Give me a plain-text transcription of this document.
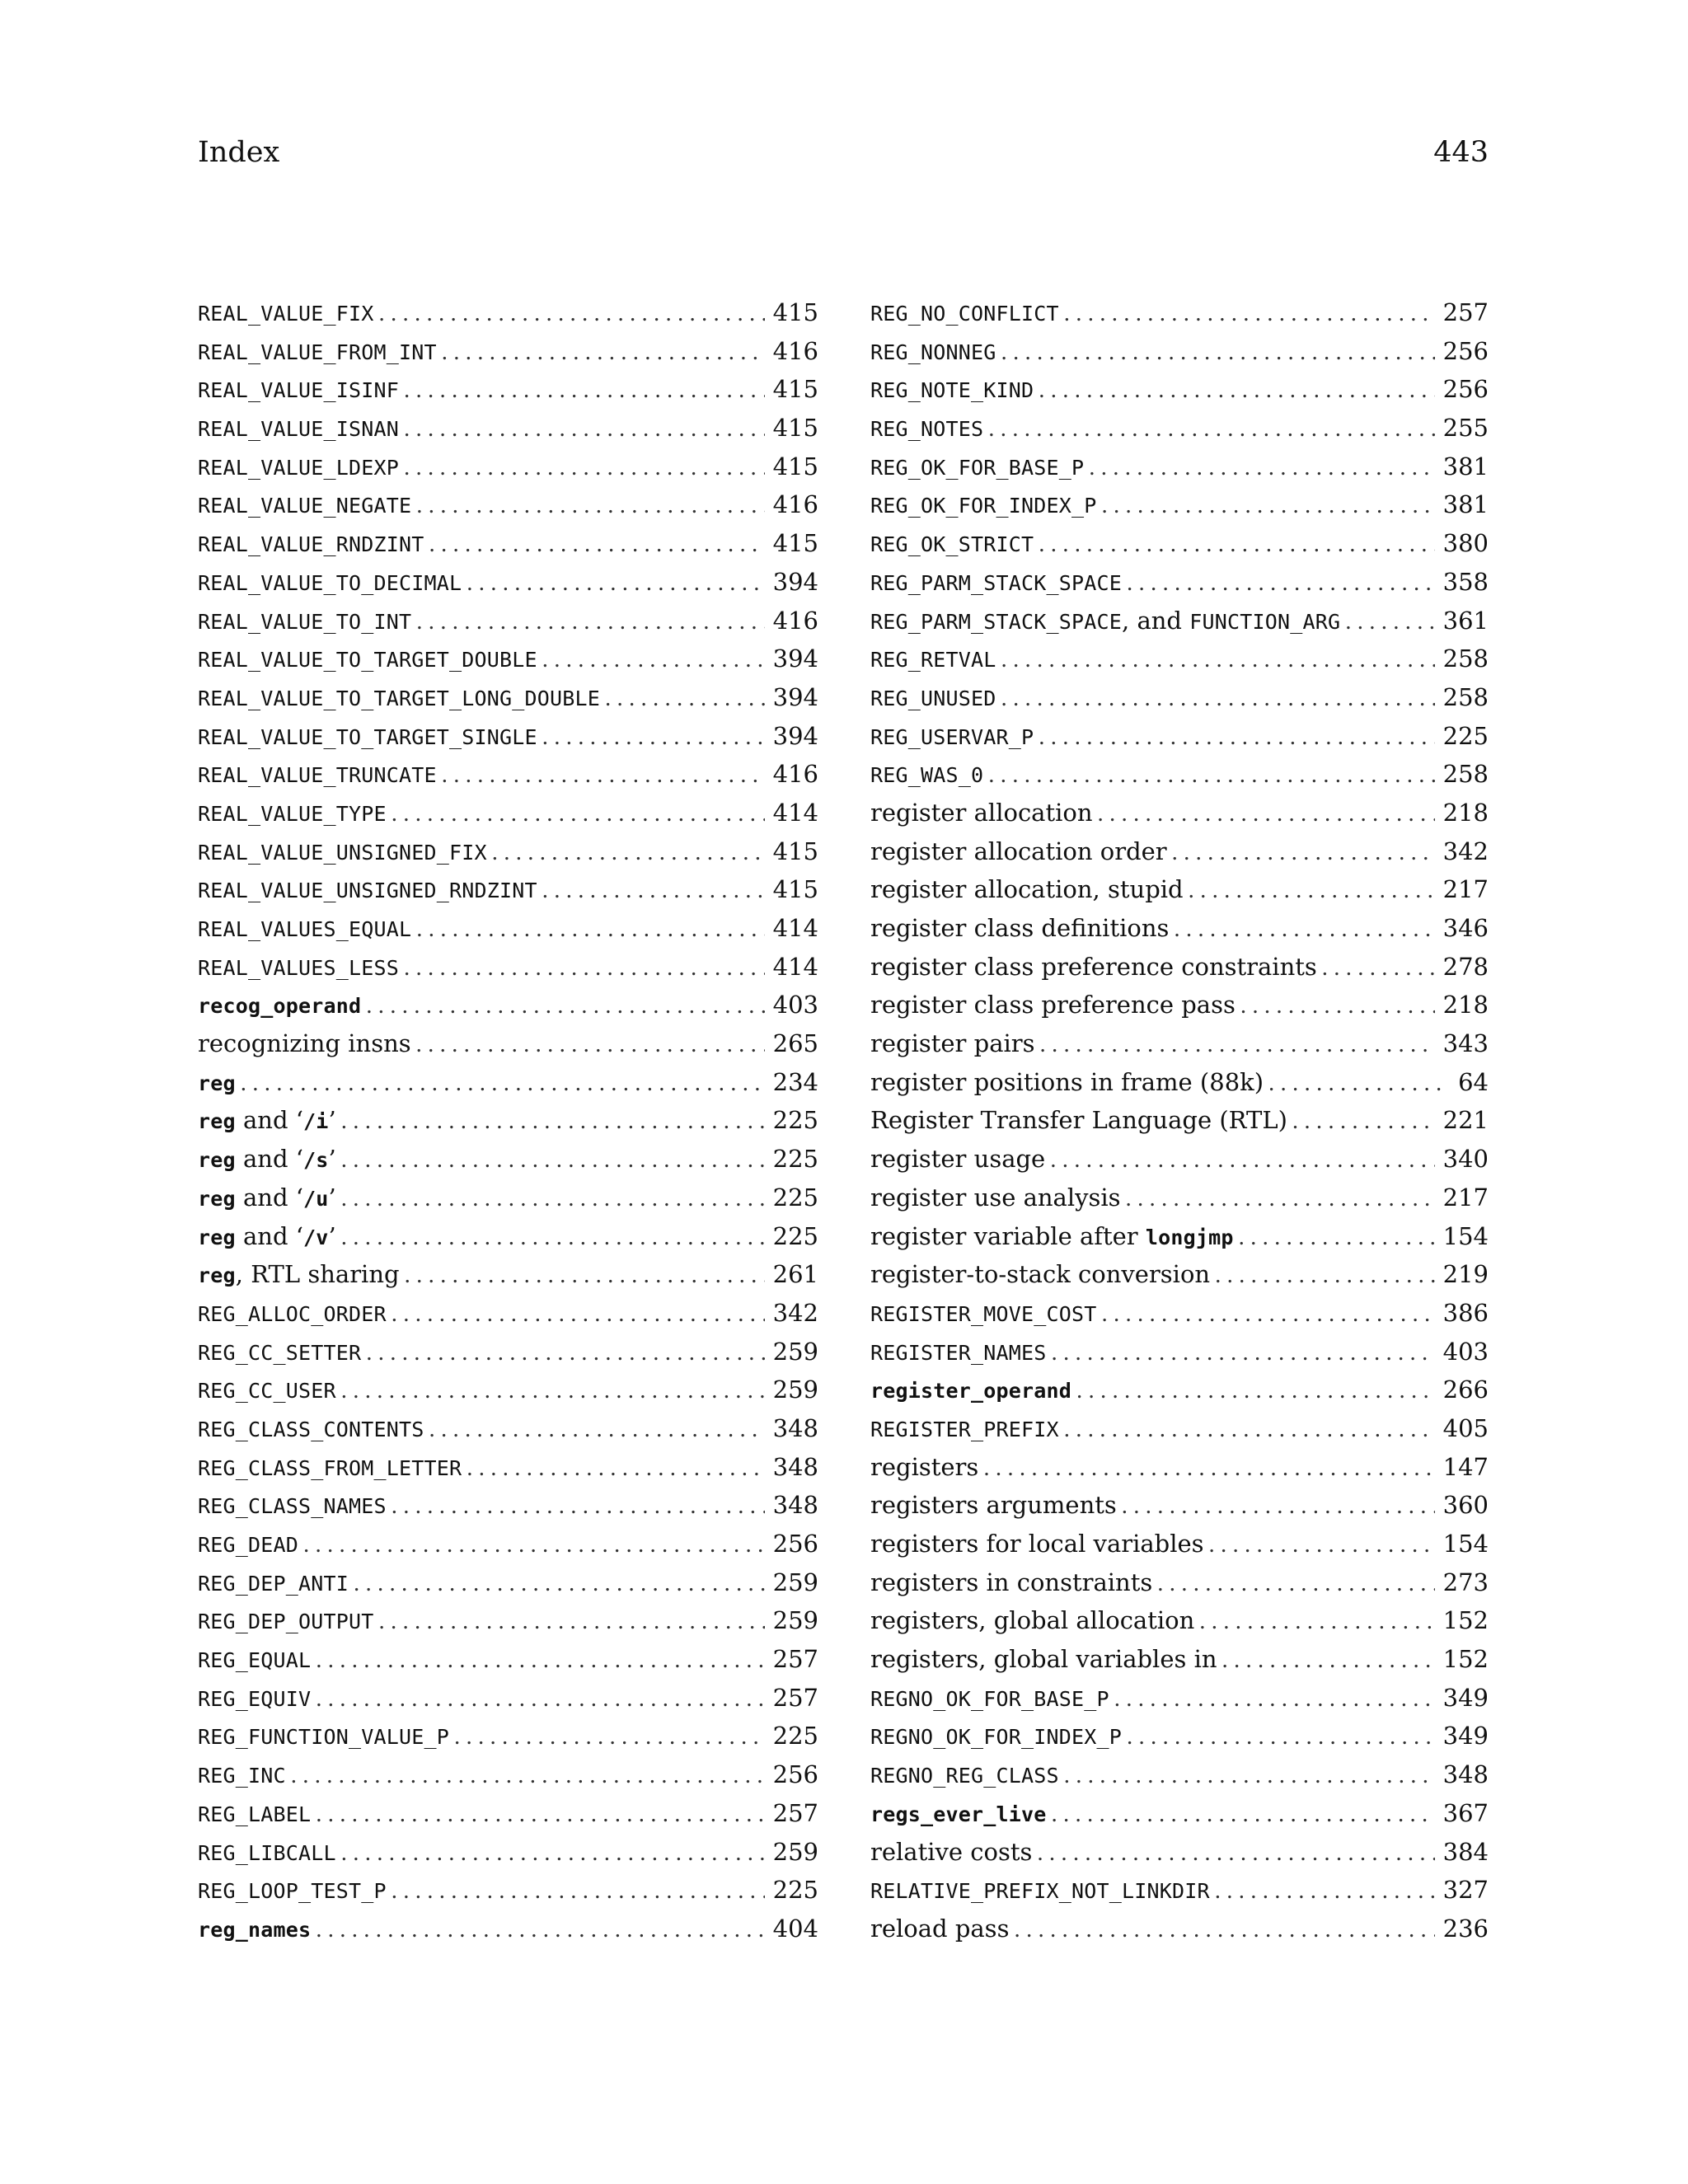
Index	443
REAL_VALUE_FIX . . .	415
REAL_VALUE_FROM_INT . . .	416
REAL_VALUE_ISINF . . .	415
REAL_VALUE_ISNAN . . .	415
REAL_VALUE_LDEXP . . .	415
REAL_VALUE_NEGATE . . .	416
REAL_VALUE_RNDZINT . . .	415
REAL_VALUE_TO_DECIMAL . . .	394
REAL_VALUE_TO_INT . . .	416
REAL_VALUE_TO_TARGET_DOUBLE . . .	394
REAL_VALUE_TO_TARGET_LONG_DOUBLE . . .	394
REAL_VALUE_TO_TARGET_SINGLE . . .	394
REAL_VALUE_TRUNCATE . . .	416
REAL_VALUE_TYPE . . .	414
REAL_VALUE_UNSIGNED_FIX . . .	415
REAL_VALUE_UNSIGNED_RNDZINT . . .	415
REAL_VALUES_EQUAL . . .	414
REAL_VALUES_LESS . . .	414
recog_operand . . .	403
recognizing insns . . .	265
reg . . .	234
reg and ‘/i’ . . .	225
reg and ‘/s’ . . .	225
reg and ‘/u’ . . .	225
reg and ‘/v’ . . .	225
reg, RTL sharing . . .	261
REG_ALLOC_ORDER . . .	342
REG_CC_SETTER . . .	259
REG_CC_USER . . .	259
REG_CLASS_CONTENTS . . .	348
REG_CLASS_FROM_LETTER . . .	348
REG_CLASS_NAMES . . .	348
REG_DEAD . . .	256
REG_DEP_ANTI . . .	259
REG_DEP_OUTPUT . . .	259
REG_EQUAL . . .	257
REG_EQUIV . . .	257
REG_FUNCTION_VALUE_P . . .	225
REG_INC . . .	256
REG_LABEL . . .	257
REG_LIBCALL . . .	259
REG_LOOP_TEST_P . . .	225
reg_names . . .	404
REG_NO_CONFLICT . . .	257
REG_NONNEG . . .	256
REG_NOTE_KIND . . .	256
REG_NOTES . . .	255
REG_OK_FOR_BASE_P . . .	381
REG_OK_FOR_INDEX_P . . .	381
REG_OK_STRICT . . .	380
REG_PARM_STACK_SPACE . . .	358
REG_PARM_STACK_SPACE, and FUNCTION_ARG . . .	361
REG_RETVAL . . .	258
REG_UNUSED . . .	258
REG_USERVAR_P . . .	225
REG_WAS_0 . . .	258
register allocation . . .	218
register allocation order . . .	342
register allocation, stupid . . .	217
register class definitions . . .	346
register class preference constraints . . .	278
register class preference pass . . .	218
register pairs . . .	343
register positions in frame (88k) . . .	64
Register Transfer Language (RTL) . . .	221
register usage . . .	340
register use analysis . . .	217
register variable after longjmp . . .	154
register-to-stack conversion . . .	219
REGISTER_MOVE_COST . . .	386
REGISTER_NAMES . . .	403
register_operand . . .	266
REGISTER_PREFIX . . .	405
registers . . .	147
registers arguments . . .	360
registers for local variables . . .	154
registers in constraints . . .	273
registers, global allocation . . .	152
registers, global variables in . . .	152
REGNO_OK_FOR_BASE_P . . .	349
REGNO_OK_FOR_INDEX_P . . .	349
REGNO_REG_CLASS . . .	348
regs_ever_live . . .	367
relative costs . . .	384
RELATIVE_PREFIX_NOT_LINKDIR . . .	327
reload pass . . .	236
